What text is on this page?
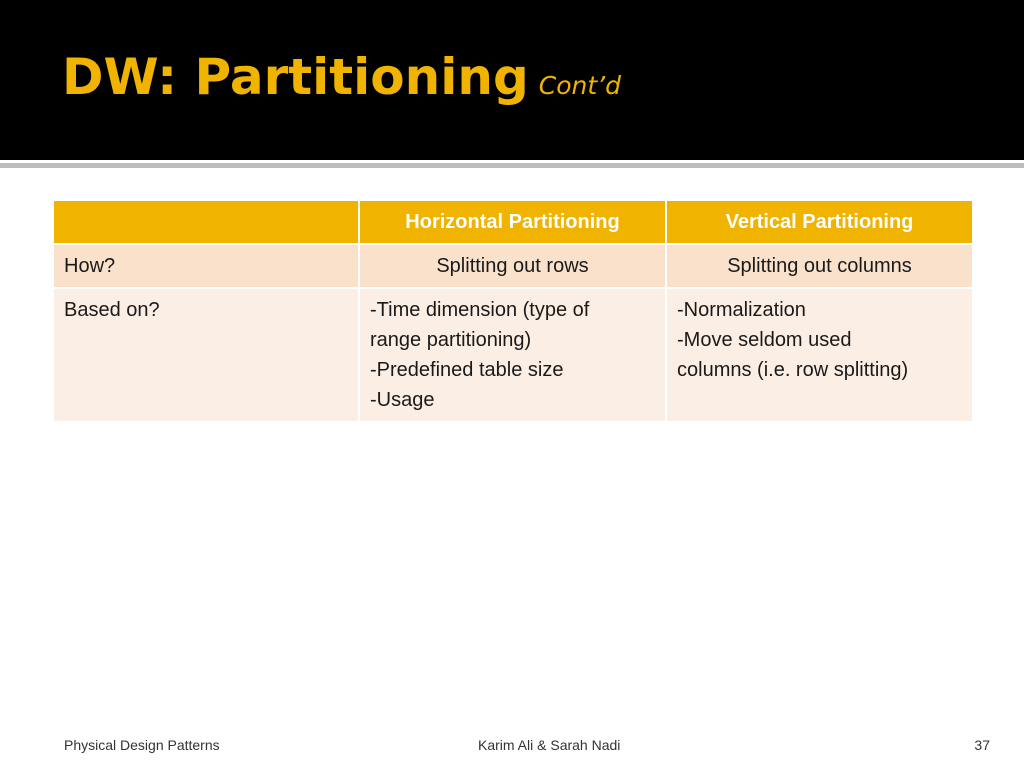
DW: Partitioning Cont’d
	Horizontal Partitioning	Vertical Partitioning
How?	Splitting out rows	Splitting out columns

Based on?	-Time dimension (type of
range partitioning)
-Predefined table size
-Usage	-Normalization
-Move seldom used
columns (i.e. row splitting)
Physical Design Patterns	Karim Ali & Sarah Nadi	37
